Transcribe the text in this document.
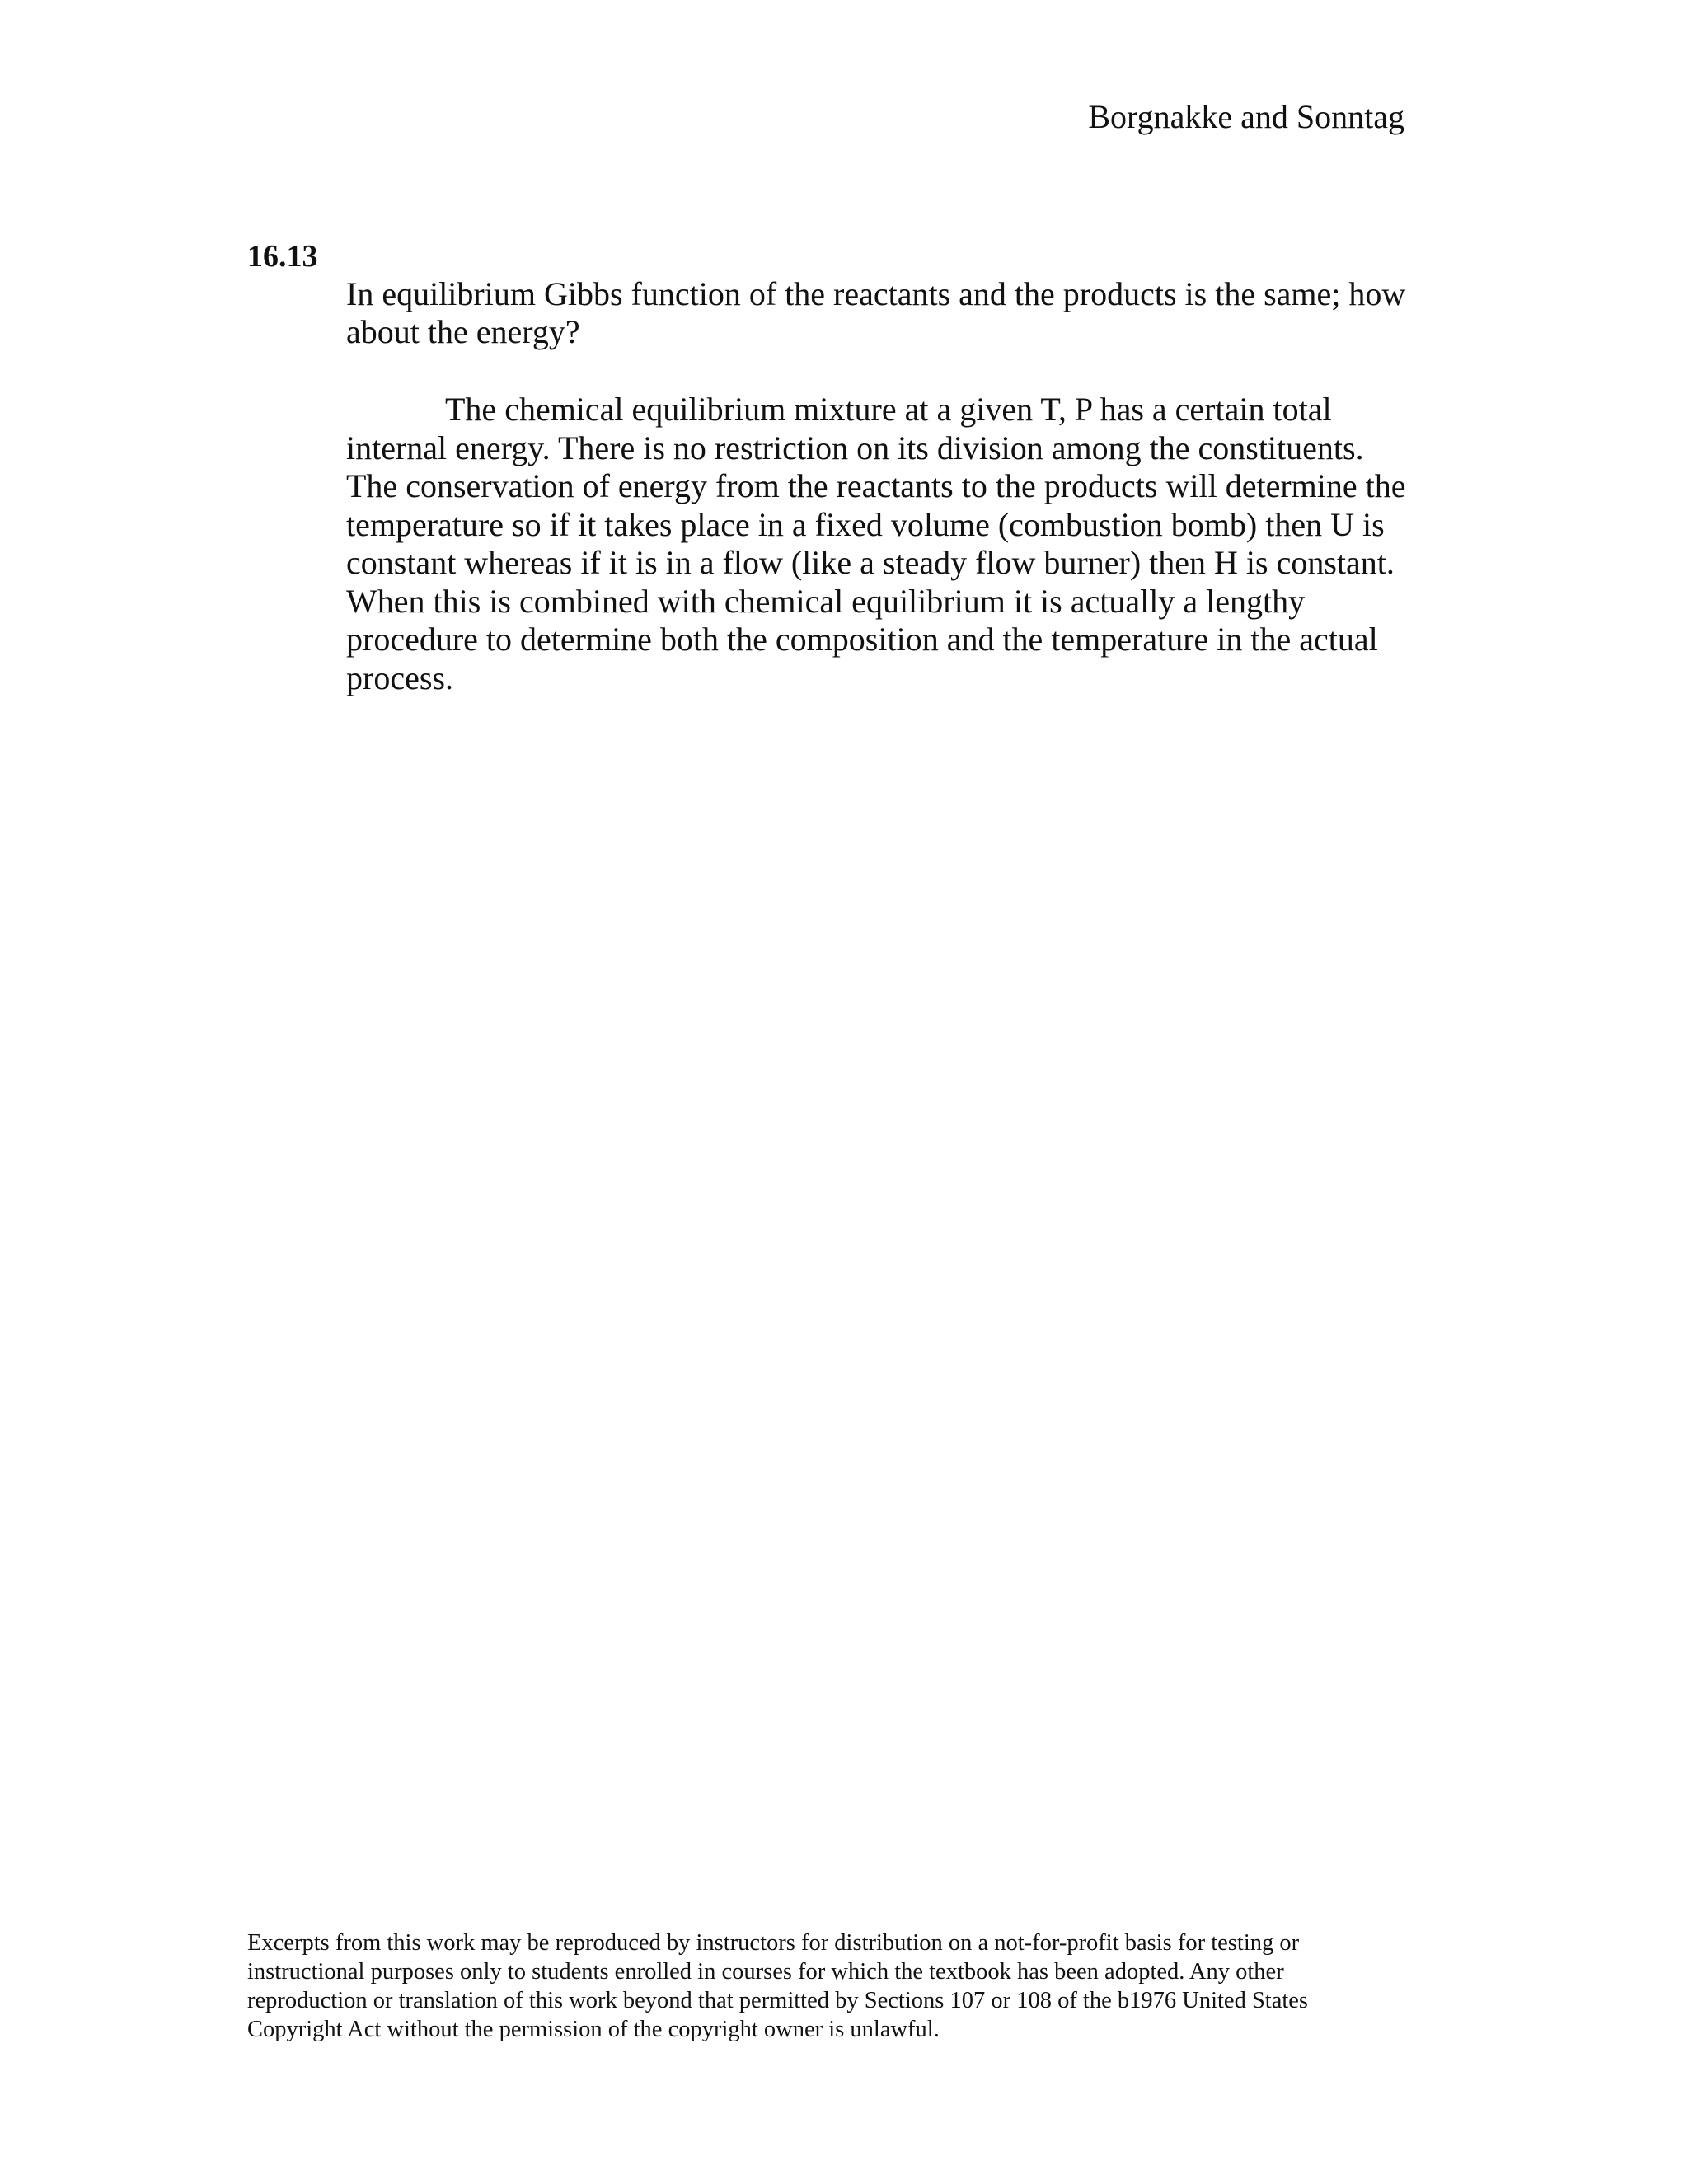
Borgnakke and Sonntag
16.13
In equilibrium Gibbs function of the reactants and the products is the same; how
about the energy?
The chemical equilibrium mixture at a given T, P has a certain total
internal energy. There is no restriction on its division among the constituents.
The conservation of energy from the reactants to the products will determine the
temperature so if it takes place in a fixed volume (combustion bomb) then U is
constant whereas if it is in a flow (like a steady flow burner) then H is constant.
When this is combined with chemical equilibrium it is actually a lengthy
procedure to determine both the composition and the temperature in the actual
process.
Excerpts from this work may be reproduced by instructors for distribution on a not-for-profit basis for testing or
instructional purposes only to students enrolled in courses for which the textbook has been adopted. Any other
reproduction or translation of this work beyond that permitted by Sections 107 or 108 of the b1976 United States
Copyright Act without the permission of the copyright owner is unlawful.
